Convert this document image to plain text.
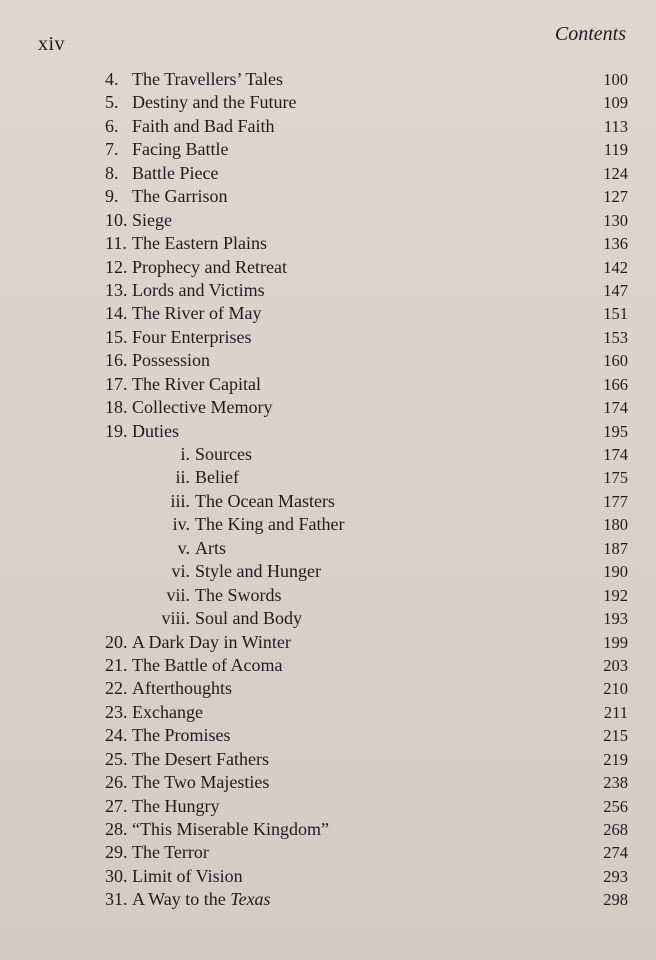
xiv	Contents
4. The Travellers’ Tales	100
5. Destiny and the Future	109
6. Faith and Bad Faith	113
7. Facing Battle	119
8. Battle Piece	124
9. The Garrison	127
10. Siege	130
11. The Eastern Plains	136
12. Prophecy and Retreat	142
13. Lords and Victims	147
14. The River of May	151
15. Four Enterprises	153
16. Possession	160
17. The River Capital	166
18. Collective Memory	174
19. Duties	195
i. Sources	174
ii. Belief	175
iii. The Ocean Masters	177
iv. The King and Father	180
v. Arts	187
vi. Style and Hunger	190
vii. The Swords	192
viii. Soul and Body	193
20. A Dark Day in Winter	199
21. The Battle of Acoma	203
22. Afterthoughts	210
23. Exchange	211
24. The Promises	215
25. The Desert Fathers	219
26. The Two Majesties	238
27. The Hungry	256
28. “This Miserable Kingdom”	268
29. The Terror	274
30. Limit of Vision	293
31. A Way to the Texas	298
